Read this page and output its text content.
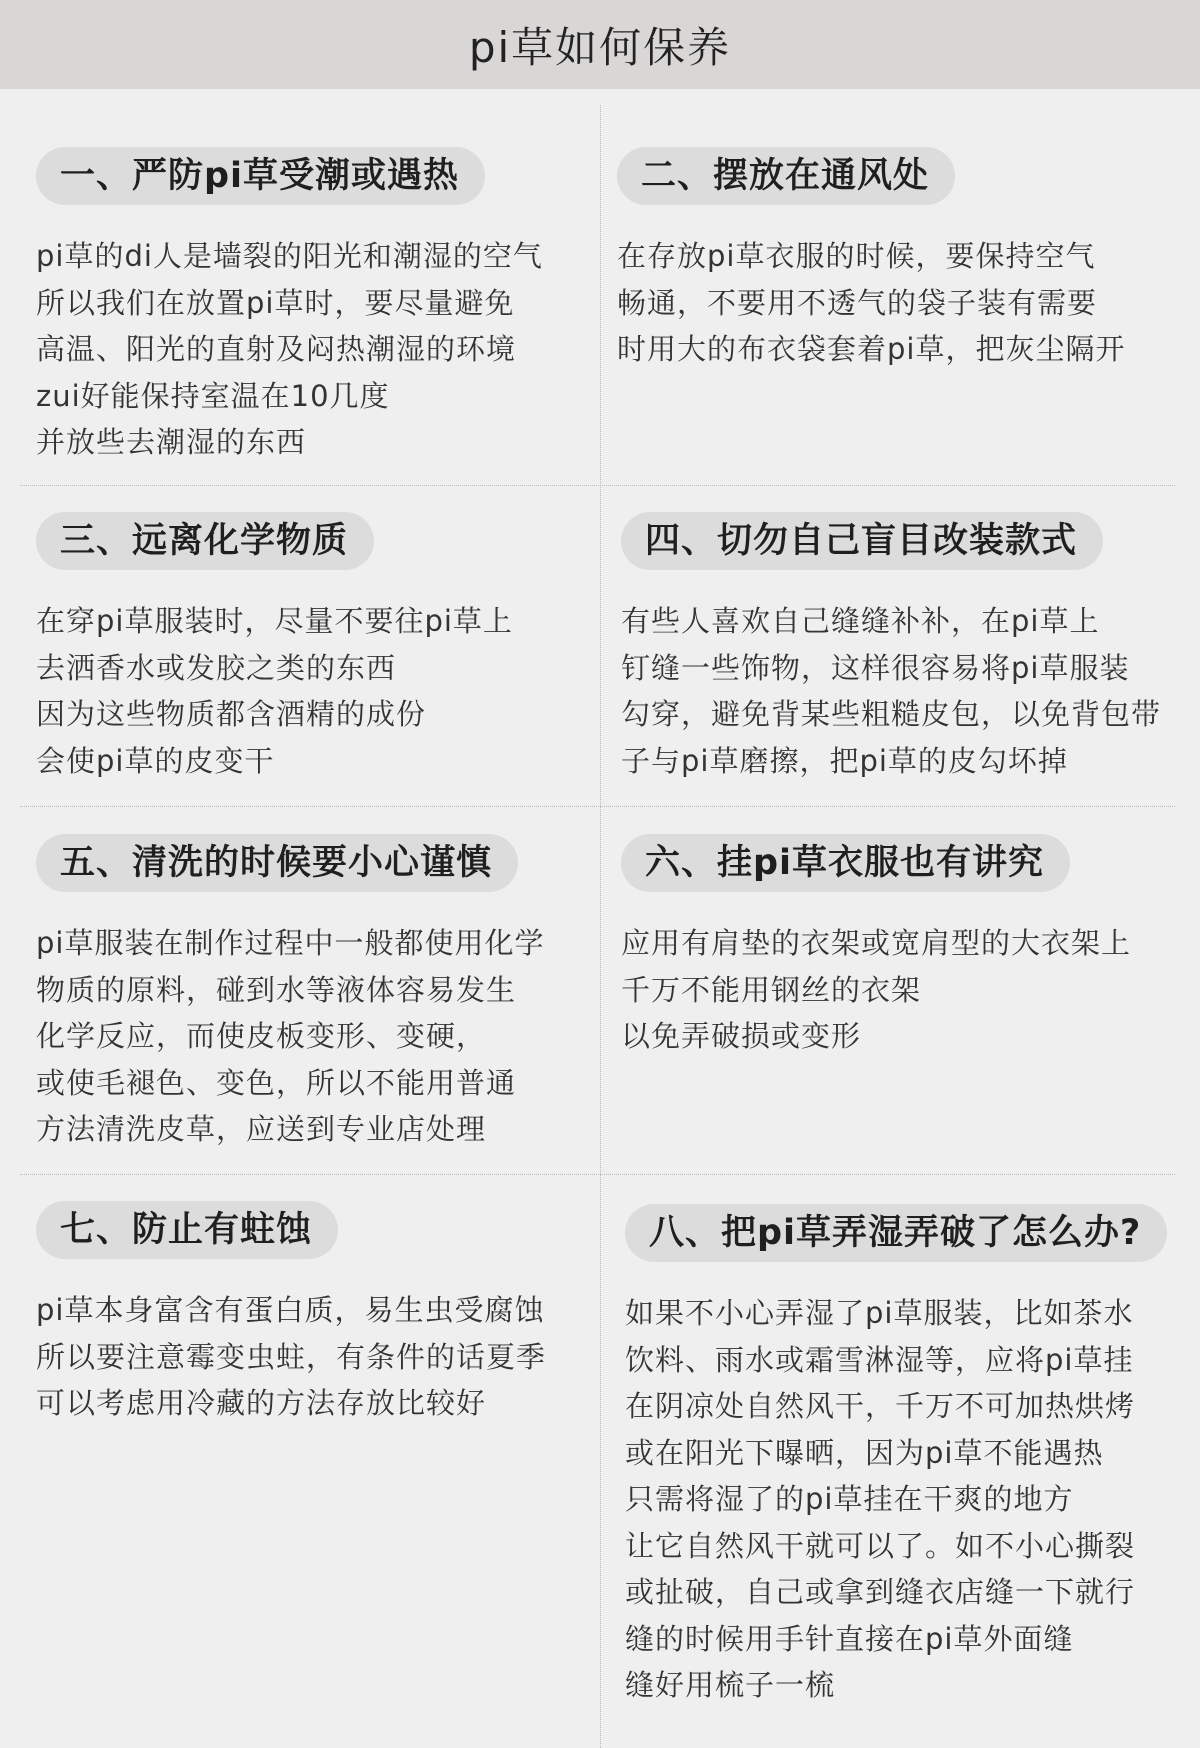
pi草如何保养
一、严防pi草受潮或遇热
pi草的di人是墙裂的阳光和潮湿的空气
所以我们在放置pi草时，要尽量避免
高温、阳光的直射及闷热潮湿的环境
zui好能保持室温在10几度
并放些去潮湿的东西
二、摆放在通风处
在存放pi草衣服的时候，要保持空气
畅通，不要用不透气的袋子装有需要
时用大的布衣袋套着pi草，把灰尘隔开
三、远离化学物质
在穿pi草服装时，尽量不要往pi草上
去洒香水或发胶之类的东西
因为这些物质都含酒精的成份
会使pi草的皮变干
四、切勿自己盲目改装款式
有些人喜欢自己缝缝补补，在pi草上
钉缝一些饰物，这样很容易将pi草服装
勾穿，避免背某些粗糙皮包，以免背包带
子与pi草磨擦，把pi草的皮勾坏掉
五、清洗的时候要小心谨慎
pi草服装在制作过程中一般都使用化学
物质的原料，碰到水等液体容易发生
化学反应，而使皮板变形、变硬，
或使毛褪色、变色，所以不能用普通
方法清洗皮草，应送到专业店处理
六、挂pi草衣服也有讲究
应用有肩垫的衣架或宽肩型的大衣架上
千万不能用钢丝的衣架
以免弄破损或变形
七、防止有蛀蚀
pi草本身富含有蛋白质，易生虫受腐蚀
所以要注意霉变虫蛀，有条件的话夏季
可以考虑用冷藏的方法存放比较好
八、把pi草弄湿弄破了怎么办?
如果不小心弄湿了pi草服装，比如茶水
饮料、雨水或霜雪淋湿等，应将pi草挂
在阴凉处自然风干，千万不可加热烘烤
或在阳光下曝晒，因为pi草不能遇热
只需将湿了的pi草挂在干爽的地方
让它自然风干就可以了。如不小心撕裂
或扯破，自己或拿到缝衣店缝一下就行
缝的时候用手针直接在pi草外面缝
缝好用梳子一梳
